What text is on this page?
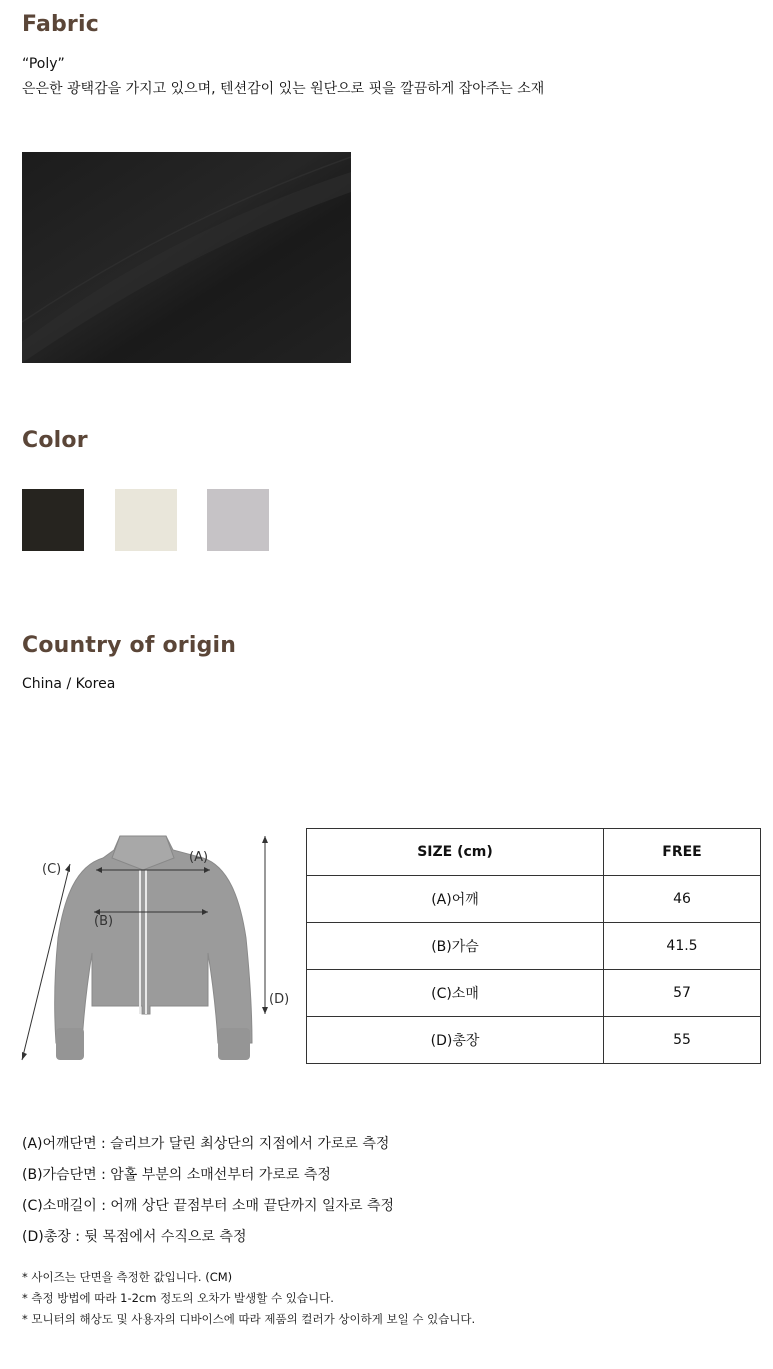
Fabric

“Poly”

은은한 광택감을 가지고 있으며, 텐션감이 있는 원단으로 핏을 깔끔하게 잡아주는 소재

Color
Country of origin

China / Korea

(A)
(B)
(C)
(D)
SIZE (cm)	FREE
(A)어깨	46
(B)가슴	41.5
(C)소매	57
(D)총장	55

(A)어깨단면 : 슬리브가 달린 최상단의 지점에서 가로로 측정

(B)가슴단면 : 암홀 부분의 소매선부터 가로로 측정

(C)소매길이 : 어깨 상단 끝점부터 소매 끝단까지 일자로 측정

(D)총장 : 뒷 목점에서 수직으로 측정

* 사이즈는 단면을 측정한 값입니다. (CM)

* 측정 방법에 따라 1-2cm 정도의 오차가 발생할 수 있습니다.

* 모니터의 해상도 및 사용자의 디바이스에 따라 제품의 컬러가 상이하게 보일 수 있습니다.
